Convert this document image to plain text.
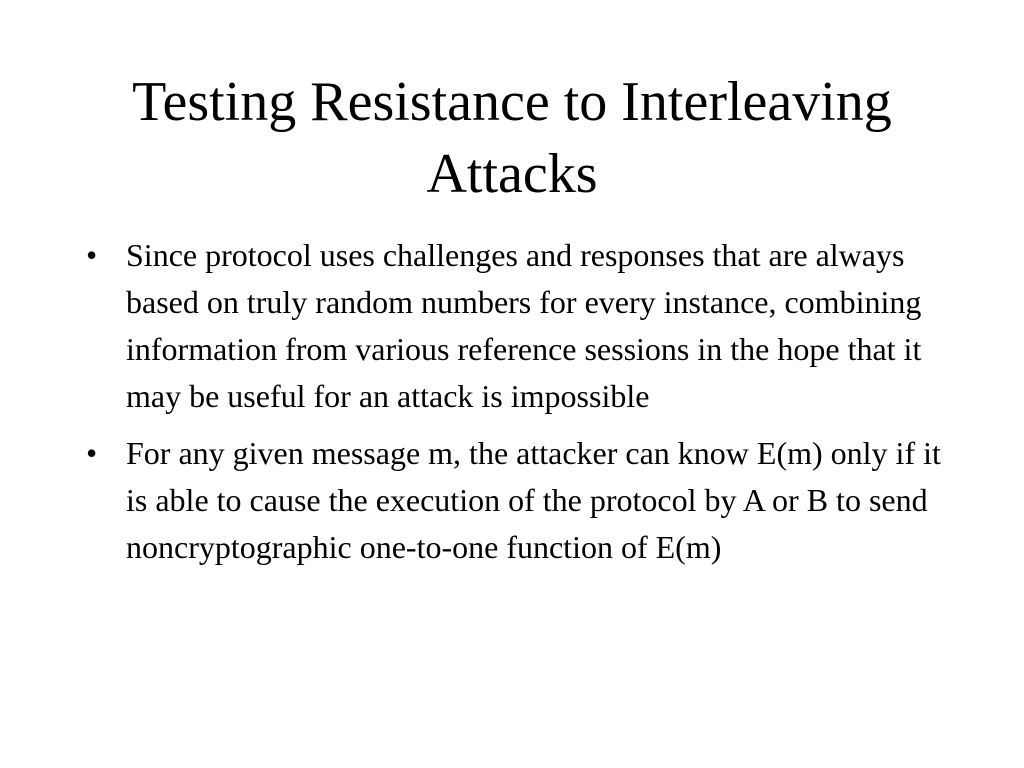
Testing Resistance to Interleaving Attacks
• Since protocol uses challenges and responses that are always based on truly random numbers for every instance, combining information from various reference sessions in the hope that it may be useful for an attack is impossible
• For any given message m, the attacker can know E(m) only if it is able to cause the execution of the protocol by A or B to send noncryptographic one-to-one function of E(m)
